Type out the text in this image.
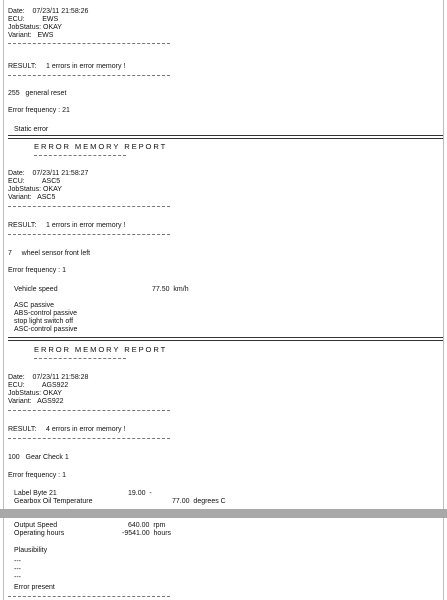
Date: 07/23/11 21:58:26
ECU:	EWS
JobStatus: OKAY
Variant: EWS
RESULT: 1 errors in error memory !
255 general reset
Error frequency : 21
Static error
ERROR MEMORY REPORT
Date: 07/23/11 21:58:27
ECU: ASC5
JobStatus: OKAY
Variant: ASC5
RESULT: 1 errors in error memory !
7 wheel sensor front left
Error frequency : 1
Vehicle speed	77.50 km/h
ASC passive
ABS-control passive
stop light switch off
ASC-control passive
ERROR MEMORY REPORT
Date: 07/23/11 21:58:28
ECU: AGS922
JobStatus: OKAY
Variant: AGS922
RESULT: 4 errors in error memory !
100 Gear Check 1
Error frequency : 1
Label Byte 21	19.00 -
Gearbox Oil Temperature	77.00 degrees C
Output Speed	640.00 rpm
Operating hours	-9541.00 hours
Plausibility
---
---
---
Error present
